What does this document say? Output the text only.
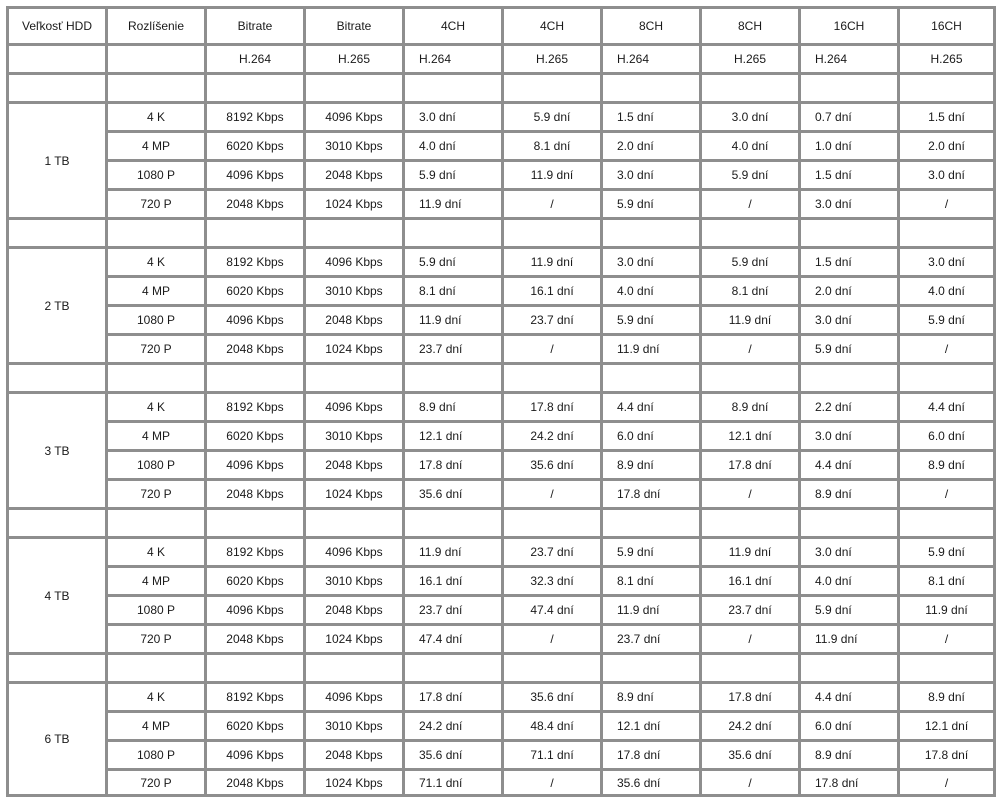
Veľkosť HDD	Rozlíšenie	Bitrate	Bitrate	4CH	4CH	8CH	8CH	16CH	16CH
		H.264	H.265	H.264	H.265	H.264	H.265	H.264	H.265

1 TB	4 K	8192 Kbps	4096 Kbps	3.0 dní	5.9 dní	1.5 dní	3.0 dní	0.7 dní	1.5 dní
	4 MP	6020 Kbps	3010 Kbps	4.0 dní	8.1 dní	2.0 dní	4.0 dní	1.0 dní	2.0 dní
	1080 P	4096 Kbps	2048 Kbps	5.9 dní	11.9 dní	3.0 dní	5.9 dní	1.5 dní	3.0 dní
	720 P	2048 Kbps	1024 Kbps	11.9 dní	/	5.9 dní	/	3.0 dní	/

2 TB	4 K	8192 Kbps	4096 Kbps	5.9 dní	11.9 dní	3.0 dní	5.9 dní	1.5 dní	3.0 dní
	4 MP	6020 Kbps	3010 Kbps	8.1 dní	16.1 dní	4.0 dní	8.1 dní	2.0 dní	4.0 dní
	1080 P	4096 Kbps	2048 Kbps	11.9 dní	23.7 dní	5.9 dní	11.9 dní	3.0 dní	5.9 dní
	720 P	2048 Kbps	1024 Kbps	23.7 dní	/	11.9 dní	/	5.9 dní	/

3 TB	4 K	8192 Kbps	4096 Kbps	8.9 dní	17.8 dní	4.4 dní	8.9 dní	2.2 dní	4.4 dní
	4 MP	6020 Kbps	3010 Kbps	12.1 dní	24.2 dní	6.0 dní	12.1 dní	3.0 dní	6.0 dní
	1080 P	4096 Kbps	2048 Kbps	17.8 dní	35.6 dní	8.9 dní	17.8 dní	4.4 dní	8.9 dní
	720 P	2048 Kbps	1024 Kbps	35.6 dní	/	17.8 dní	/	8.9 dní	/

4 TB	4 K	8192 Kbps	4096 Kbps	11.9 dní	23.7 dní	5.9 dní	11.9 dní	3.0 dní	5.9 dní
	4 MP	6020 Kbps	3010 Kbps	16.1 dní	32.3 dní	8.1 dní	16.1 dní	4.0 dní	8.1 dní
	1080 P	4096 Kbps	2048 Kbps	23.7 dní	47.4 dní	11.9 dní	23.7 dní	5.9 dní	11.9 dní
	720 P	2048 Kbps	1024 Kbps	47.4 dní	/	23.7 dní	/	11.9 dní	/

6 TB	4 K	8192 Kbps	4096 Kbps	17.8 dní	35.6 dní	8.9 dní	17.8 dní	4.4 dní	8.9 dní
	4 MP	6020 Kbps	3010 Kbps	24.2 dní	48.4 dní	12.1 dní	24.2 dní	6.0 dní	12.1 dní
	1080 P	4096 Kbps	2048 Kbps	35.6 dní	71.1 dní	17.8 dní	35.6 dní	8.9 dní	17.8 dní
	720 P	2048 Kbps	1024 Kbps	71.1 dní	/	35.6 dní	/	17.8 dní	/
